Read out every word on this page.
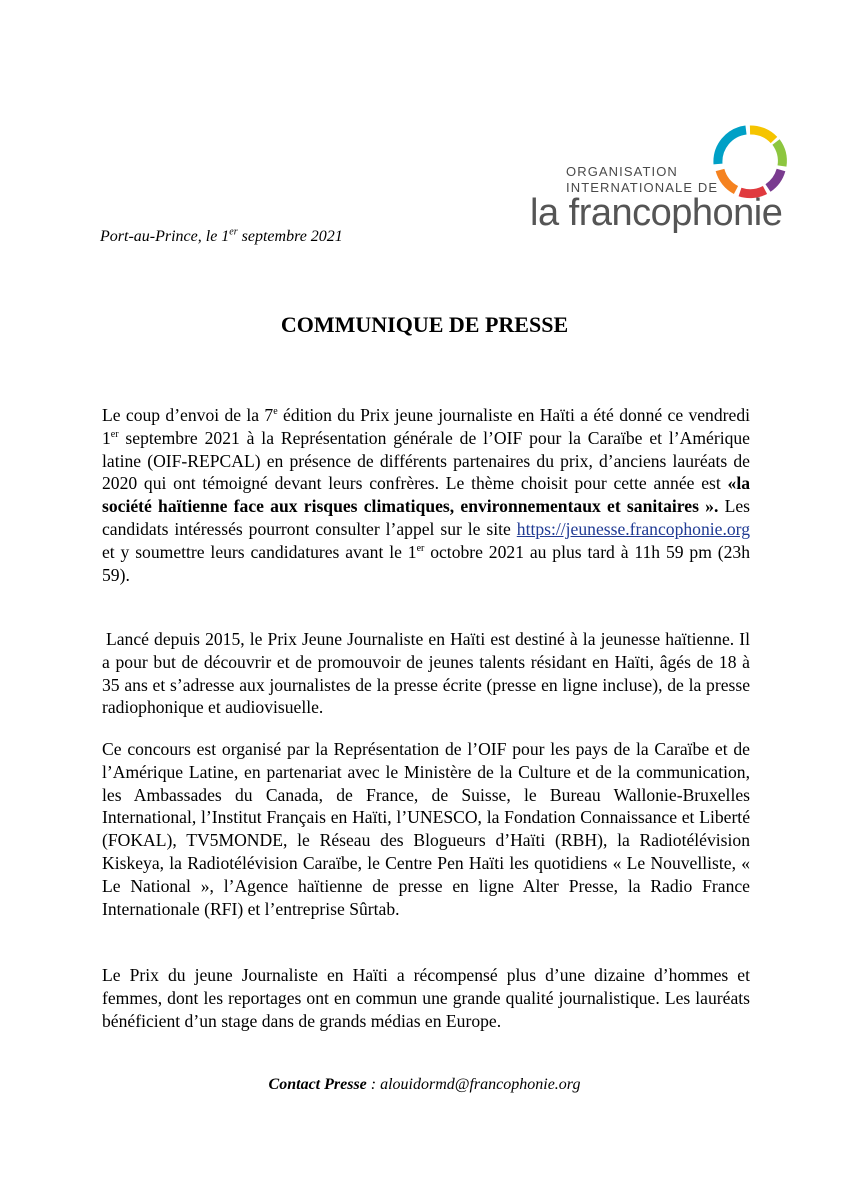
ORGANISATION
INTERNATIONALE DE
la francophonie
Port-au-Prince, le 1er septembre 2021
COMMUNIQUE DE PRESSE

Le coup d’envoi de la 7e édition du Prix jeune journaliste en Haïti a été donné ce vendredi 1er septembre 2021 à la Représentation générale de l’OIF pour la Caraïbe et l’Amérique latine (OIF-REPCAL) en présence de différents partenaires du prix, d’anciens lauréats de 2020 qui ont témoigné devant leurs confrères. Le thème choisit pour cette année est «la société haïtienne face aux risques climatiques, environnementaux et sanitaires ». Les candidats intéressés pourront consulter l’appel sur le site https://jeunesse.francophonie.org et y soumettre leurs candidatures avant le 1er octobre 2021 au plus tard à 11h 59 pm (23h 59).

Lancé depuis 2015, le Prix Jeune Journaliste en Haïti est destiné à la jeunesse haïtienne. Il a pour but de découvrir et de promouvoir de jeunes talents résidant en Haïti, âgés de 18 à 35 ans et s’adresse aux journalistes de la presse écrite (presse en ligne incluse), de la presse radiophonique et audiovisuelle.

Ce concours est organisé par la Représentation de l’OIF pour les pays de la Caraïbe et de l’Amérique Latine, en partenariat avec le Ministère de la Culture et de la communication, les Ambassades du Canada, de France, de Suisse, le Bureau Wallonie-Bruxelles International, l’Institut Français en Haïti, l’UNESCO, la Fondation Connaissance et Liberté (FOKAL), TV5MONDE, le Réseau des Blogueurs d’Haïti (RBH), la Radiotélévision Kiskeya, la Radiotélévision Caraïbe, le Centre Pen Haïti les quotidiens « Le Nouvelliste, « Le National », l’Agence haïtienne de presse en ligne Alter Presse, la Radio France Internationale (RFI) et l’entreprise Sûrtab.

Le Prix du jeune Journaliste en Haïti a récompensé plus d’une dizaine d’hommes et femmes, dont les reportages ont en commun une grande qualité journalistique. Les lauréats bénéficient d’un stage dans de grands médias en Europe.

Contact Presse : alouidormd@francophonie.org
